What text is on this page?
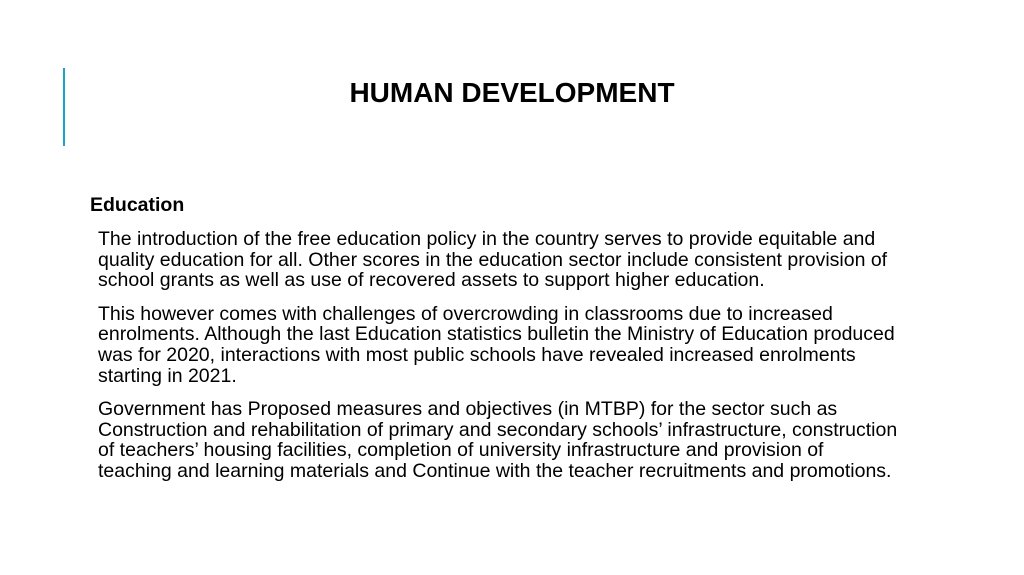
HUMAN DEVELOPMENT
Education

The introduction of the free education policy in the country serves to provide equitable and quality education for all. Other scores in the education sector include consistent provision of school grants as well as use of recovered assets to support higher education.

This however comes with challenges of overcrowding in classrooms due to increased enrolments. Although the last Education statistics bulletin the Ministry of Education produced was for 2020, interactions with most public schools have revealed increased enrolments starting in 2021.

Government has Proposed measures and objectives (in MTBP) for the sector such as Construction and rehabilitation of primary and secondary schools’ infrastructure, construction of teachers’ housing facilities, completion of university infrastructure and provision of teaching and learning materials and Continue with the teacher recruitments and promotions.
